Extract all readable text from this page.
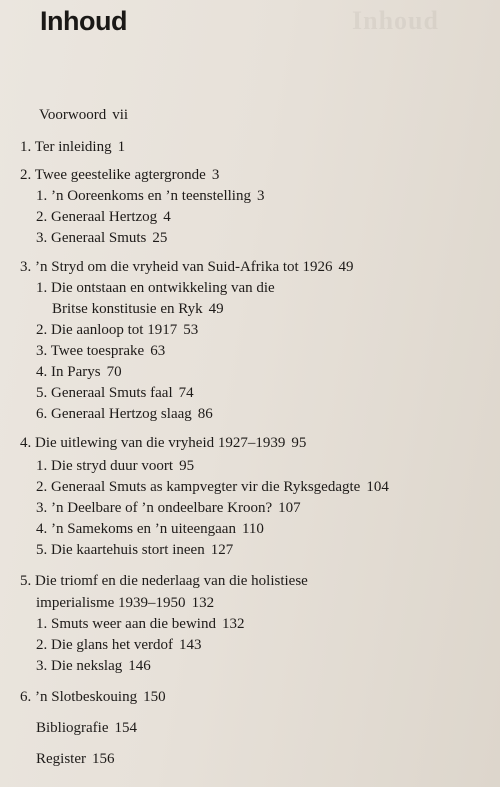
Inhoud
Inhoud
Voorwoord vii
1. Ter inleiding 1
2. Twee geestelike agtergronde 3
1. ’n Ooreenkoms en ’n teenstelling 3
2. Generaal Hertzog 4
3. Generaal Smuts 25
3. ’n Stryd om die vryheid van Suid-Afrika tot 1926 49
1. Die ontstaan en ontwikkeling van die
Britse konstitusie en Ryk 49
2. Die aanloop tot 1917 53
3. Twee toesprake 63
4. In Parys 70
5. Generaal Smuts faal 74
6. Generaal Hertzog slaag 86
4. Die uitlewing van die vryheid 1927–1939 95
1. Die stryd duur voort 95
2. Generaal Smuts as kampvegter vir die Ryksgedagte 104
3. ’n Deelbare of ’n ondeelbare Kroon? 107
4. ’n Samekoms en ’n uiteengaan 110
5. Die kaartehuis stort ineen 127
5. Die triomf en die nederlaag van die holistiese
imperialisme 1939–1950 132
1. Smuts weer aan die bewind 132
2. Die glans het verdof 143
3. Die nekslag 146
6. ’n Slotbeskouing 150
Bibliografie 154
Register 156
